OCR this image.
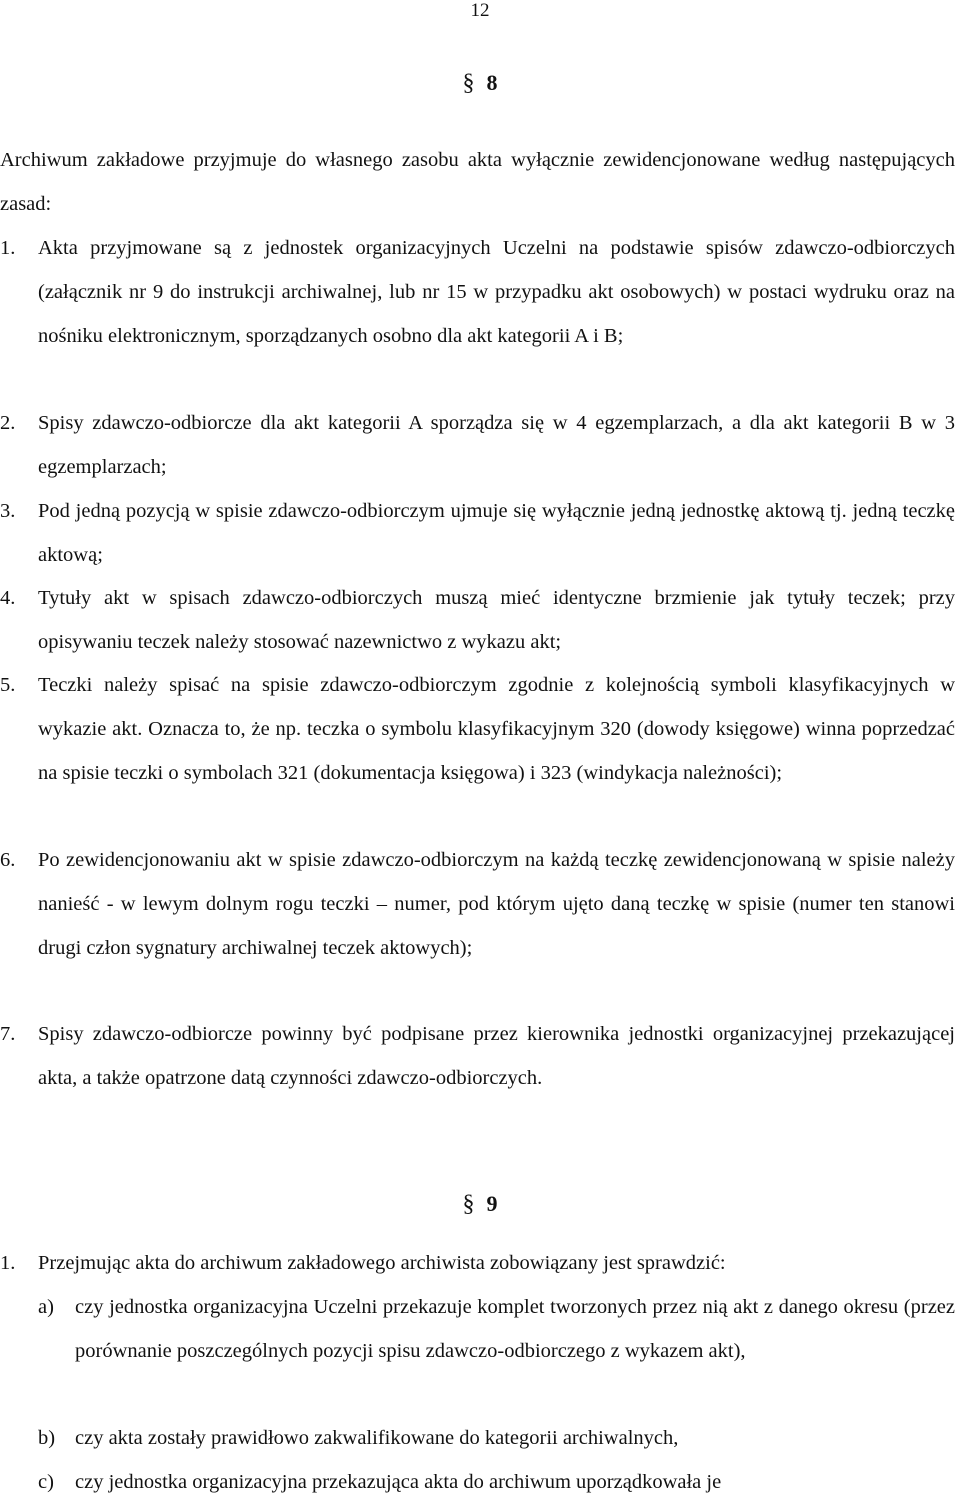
12
§ 8
Archiwum zakładowe przyjmuje do własnego zasobu akta wyłącznie zewidencjonowane według następujących zasad:
1.	Akta przyjmowane są z jednostek organizacyjnych Uczelni na podstawie spisów zdawczo-odbiorczych (załącznik nr 9 do instrukcji archiwalnej, lub nr 15 w przypadku akt osobowych) w postaci wydruku oraz na nośniku elektronicznym, sporządzanych osobno dla akt kategorii A i B;
2.	Spisy zdawczo-odbiorcze dla akt kategorii A sporządza się w 4 egzemplarzach, a dla akt kategorii B w 3 egzemplarzach;
3.	Pod jedną pozycją w spisie zdawczo-odbiorczym ujmuje się wyłącznie jedną jednostkę aktową tj. jedną teczkę aktową;
4.	Tytuły akt w spisach zdawczo-odbiorczych muszą mieć identyczne brzmienie jak tytuły teczek; przy opisywaniu teczek należy stosować nazewnictwo z wykazu akt;
5.	Teczki należy spisać na spisie zdawczo-odbiorczym zgodnie z kolejnością symboli klasyfikacyjnych w wykazie akt. Oznacza to, że np. teczka o symbolu klasyfikacyjnym 320 (dowody księgowe) winna poprzedzać na spisie teczki o symbolach 321 (dokumentacja księgowa) i 323 (windykacja należności);
6.	Po zewidencjonowaniu akt w spisie zdawczo-odbiorczym na każdą teczkę zewidencjonowaną w spisie należy nanieść - w lewym dolnym rogu teczki – numer, pod którym ujęto daną teczkę w spisie (numer ten stanowi drugi człon sygnatury archiwalnej teczek aktowych);
7.	Spisy zdawczo-odbiorcze powinny być podpisane przez kierownika jednostki organizacyjnej przekazującej akta, a także opatrzone datą czynności zdawczo-odbiorczych.
§ 9
1.	Przejmując akta do archiwum zakładowego archiwista zobowiązany jest sprawdzić:
a)	czy jednostka organizacyjna Uczelni przekazuje komplet tworzonych przez nią akt z danego okresu (przez porównanie poszczególnych pozycji spisu zdawczo-odbiorczego z wykazem akt),
b) czy akta zostały prawidłowo zakwalifikowane do kategorii archiwalnych,
c)	czy jednostka organizacyjna przekazująca akta do archiwum uporządkowała je
